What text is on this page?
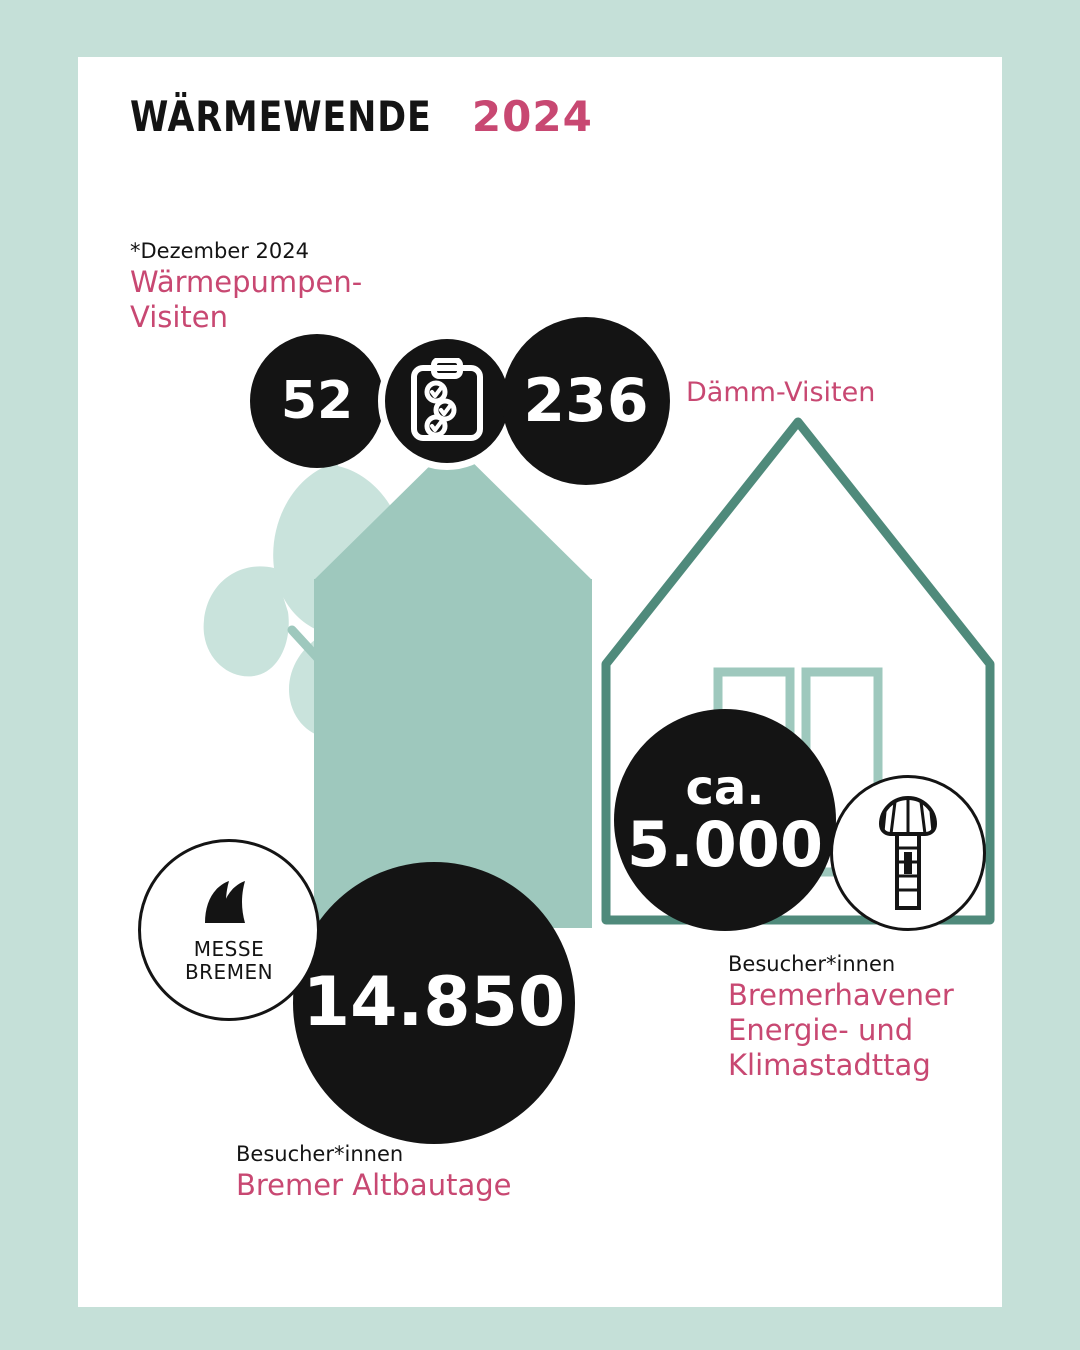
WÄRMEWENDE 2024
*Dezember 2024
Wärmepumpen-
Visiten
Dämm-Visiten
Besucher*innen
Bremerhavener
Energie- und
Klimastadttag
Besucher*innen
Bremer Altbautage
52	236
ca.
5.000
14.850
MESSE
BREMEN
